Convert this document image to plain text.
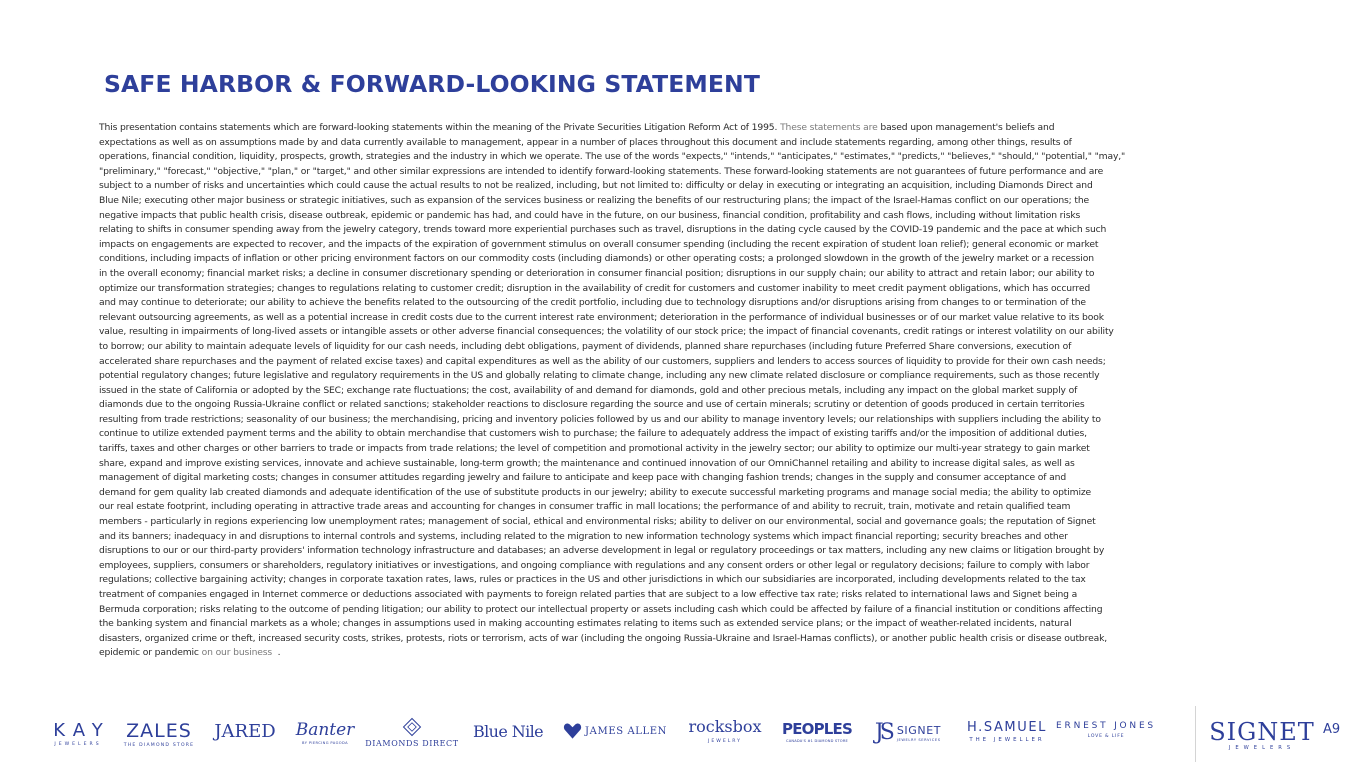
SAFE HARBOR & FORWARD-LOOKING STATEMENT
This presentation contains statements which are forward-looking statements within the meaning of the Private Securities Litigation Reform Act of 1995. These statements are based upon management's beliefs and
expectations as well as on assumptions made by and data currently available to management, appear in a number of places throughout this document and include statements regarding, among other things, results of
operations, financial condition, liquidity, prospects, growth, strategies and the industry in which we operate. The use of the words "expects," "intends," "anticipates," "estimates," "predicts," "believes," "should," "potential," "may,"
"preliminary," "forecast," "objective," "plan," or "target," and other similar expressions are intended to identify forward-looking statements. These forward-looking statements are not guarantees of future performance and are
subject to a number of risks and uncertainties which could cause the actual results to not be realized, including, but not limited to: difficulty or delay in executing or integrating an acquisition, including Diamonds Direct and
Blue Nile; executing other major business or strategic initiatives, such as expansion of the services business or realizing the benefits of our restructuring plans; the impact of the Israel-Hamas conflict on our operations; the
negative impacts that public health crisis, disease outbreak, epidemic or pandemic has had, and could have in the future, on our business, financial condition, profitability and cash flows, including without limitation risks
relating to shifts in consumer spending away from the jewelry category, trends toward more experiential purchases such as travel, disruptions in the dating cycle caused by the COVID-19 pandemic and the pace at which such
impacts on engagements are expected to recover, and the impacts of the expiration of government stimulus on overall consumer spending (including the recent expiration of student loan relief); general economic or market
conditions, including impacts of inflation or other pricing environment factors on our commodity costs (including diamonds) or other operating costs; a prolonged slowdown in the growth of the jewelry market or a recession
in the overall economy; financial market risks; a decline in consumer discretionary spending or deterioration in consumer financial position; disruptions in our supply chain; our ability to attract and retain labor; our ability to
optimize our transformation strategies; changes to regulations relating to customer credit; disruption in the availability of credit for customers and customer inability to meet credit payment obligations, which has occurred
and may continue to deteriorate; our ability to achieve the benefits related to the outsourcing of the credit portfolio, including due to technology disruptions and/or disruptions arising from changes to or termination of the
relevant outsourcing agreements, as well as a potential increase in credit costs due to the current interest rate environment; deterioration in the performance of individual businesses or of our market value relative to its book
value, resulting in impairments of long-lived assets or intangible assets or other adverse financial consequences; the volatility of our stock price; the impact of financial covenants, credit ratings or interest volatility on our ability
to borrow; our ability to maintain adequate levels of liquidity for our cash needs, including debt obligations, payment of dividends, planned share repurchases (including future Preferred Share conversions, execution of
accelerated share repurchases and the payment of related excise taxes) and capital expenditures as well as the ability of our customers, suppliers and lenders to access sources of liquidity to provide for their own cash needs;
potential regulatory changes; future legislative and regulatory requirements in the US and globally relating to climate change, including any new climate related disclosure or compliance requirements, such as those recently
issued in the state of California or adopted by the SEC; exchange rate fluctuations; the cost, availability of and demand for diamonds, gold and other precious metals, including any impact on the global market supply of
diamonds due to the ongoing Russia-Ukraine conflict or related sanctions; stakeholder reactions to disclosure regarding the source and use of certain minerals; scrutiny or detention of goods produced in certain territories
resulting from trade restrictions; seasonality of our business; the merchandising, pricing and inventory policies followed by us and our ability to manage inventory levels; our relationships with suppliers including the ability to
continue to utilize extended payment terms and the ability to obtain merchandise that customers wish to purchase; the failure to adequately address the impact of existing tariffs and/or the imposition of additional duties,
tariffs, taxes and other charges or other barriers to trade or impacts from trade relations; the level of competition and promotional activity in the jewelry sector; our ability to optimize our multi-year strategy to gain market
share, expand and improve existing services, innovate and achieve sustainable, long-term growth; the maintenance and continued innovation of our OmniChannel retailing and ability to increase digital sales, as well as
management of digital marketing costs; changes in consumer attitudes regarding jewelry and failure to anticipate and keep pace with changing fashion trends; changes in the supply and consumer acceptance of and
demand for gem quality lab created diamonds and adequate identification of the use of substitute products in our jewelry; ability to execute successful marketing programs and manage social media; the ability to optimize
our real estate footprint, including operating in attractive trade areas and accounting for changes in consumer traffic in mall locations; the performance of and ability to recruit, train, motivate and retain qualified team
members - particularly in regions experiencing low unemployment rates; management of social, ethical and environmental risks; ability to deliver on our environmental, social and governance goals; the reputation of Signet
and its banners; inadequacy in and disruptions to internal controls and systems, including related to the migration to new information technology systems which impact financial reporting; security breaches and other
disruptions to our or our third-party providers' information technology infrastructure and databases; an adverse development in legal or regulatory proceedings or tax matters, including any new claims or litigation brought by
employees, suppliers, consumers or shareholders, regulatory initiatives or investigations, and ongoing compliance with regulations and any consent orders or other legal or regulatory decisions; failure to comply with labor
regulations; collective bargaining activity; changes in corporate taxation rates, laws, rules or practices in the US and other jurisdictions in which our subsidiaries are incorporated, including developments related to the tax
treatment of companies engaged in Internet commerce or deductions associated with payments to foreign related parties that are subject to a low effective tax rate; risks related to international laws and Signet being a
Bermuda corporation; risks relating to the outcome of pending litigation; our ability to protect our intellectual property or assets including cash which could be affected by failure of a financial institution or conditions affecting
the banking system and financial markets as a whole; changes in assumptions used in making accounting estimates relating to items such as extended service plans; or the impact of weather-related incidents, natural
disasters, organized crime or theft, increased security costs, strikes, protests, riots or terrorism, acts of war (including the ongoing Russia-Ukraine and Israel-Hamas conflicts), or another public health crisis or disease outbreak,
epidemic or pandemic on our business .
KAY
JEWELERS
ZALES
THE DIAMOND STORE
JARED Banter
BY PIERCING PAGODA DIAMONDS DIRECT
Blue Nile	JAMES ALLEN rocksbox
JEWELRY
PEOPLES
CANADA'S #1 DIAMOND STORE JS SIGNET
JEWELRY SERVICES
H.SAMUEL
THE JEWELLER
ERNEST JONES
LOVE & LIFE	SIGNET
JEWELERS
A9
